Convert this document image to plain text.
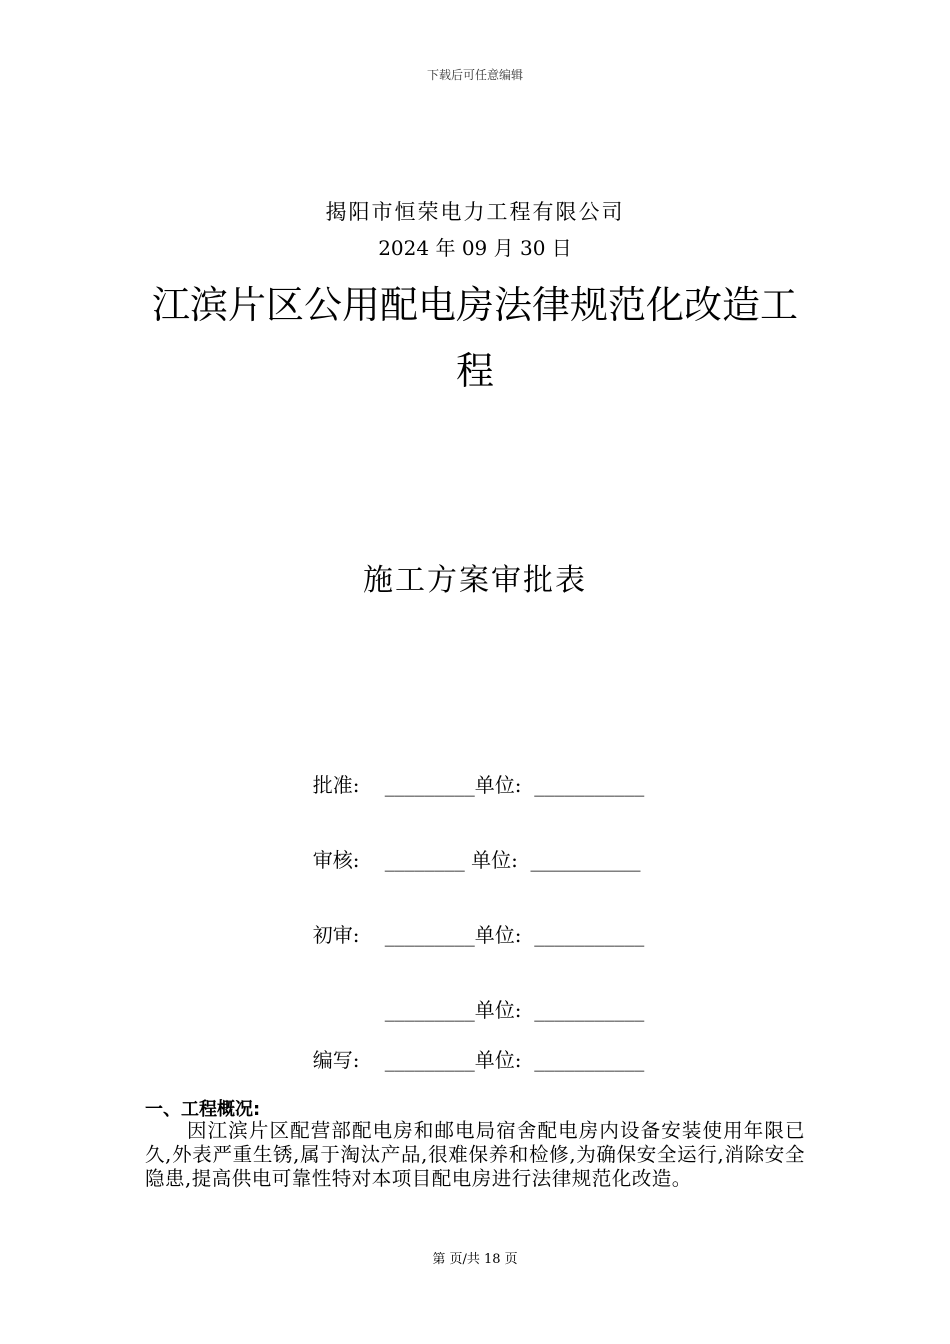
下载后可任意编辑
揭阳市恒荣电力工程有限公司
2024 年 09 月 30 日
江滨片区公用配电房法律规范化改造工程
施工方案审批表

批准: _________单位: ___________

审核: ________ 单位: ___________

初审: _________单位: ___________

_________单位: ___________

编写: _________单位: ___________

一、工程概况:
因江滨片区配营部配电房和邮电局宿舍配电房内设备安装使用年限已久,外表严重生锈,属于淘汰产品,很难保养和检修,为确保安全运行,消除安全隐患,提高供电可靠性特对本项目配电房进行法律规范化改造。
第 页/共 18 页
